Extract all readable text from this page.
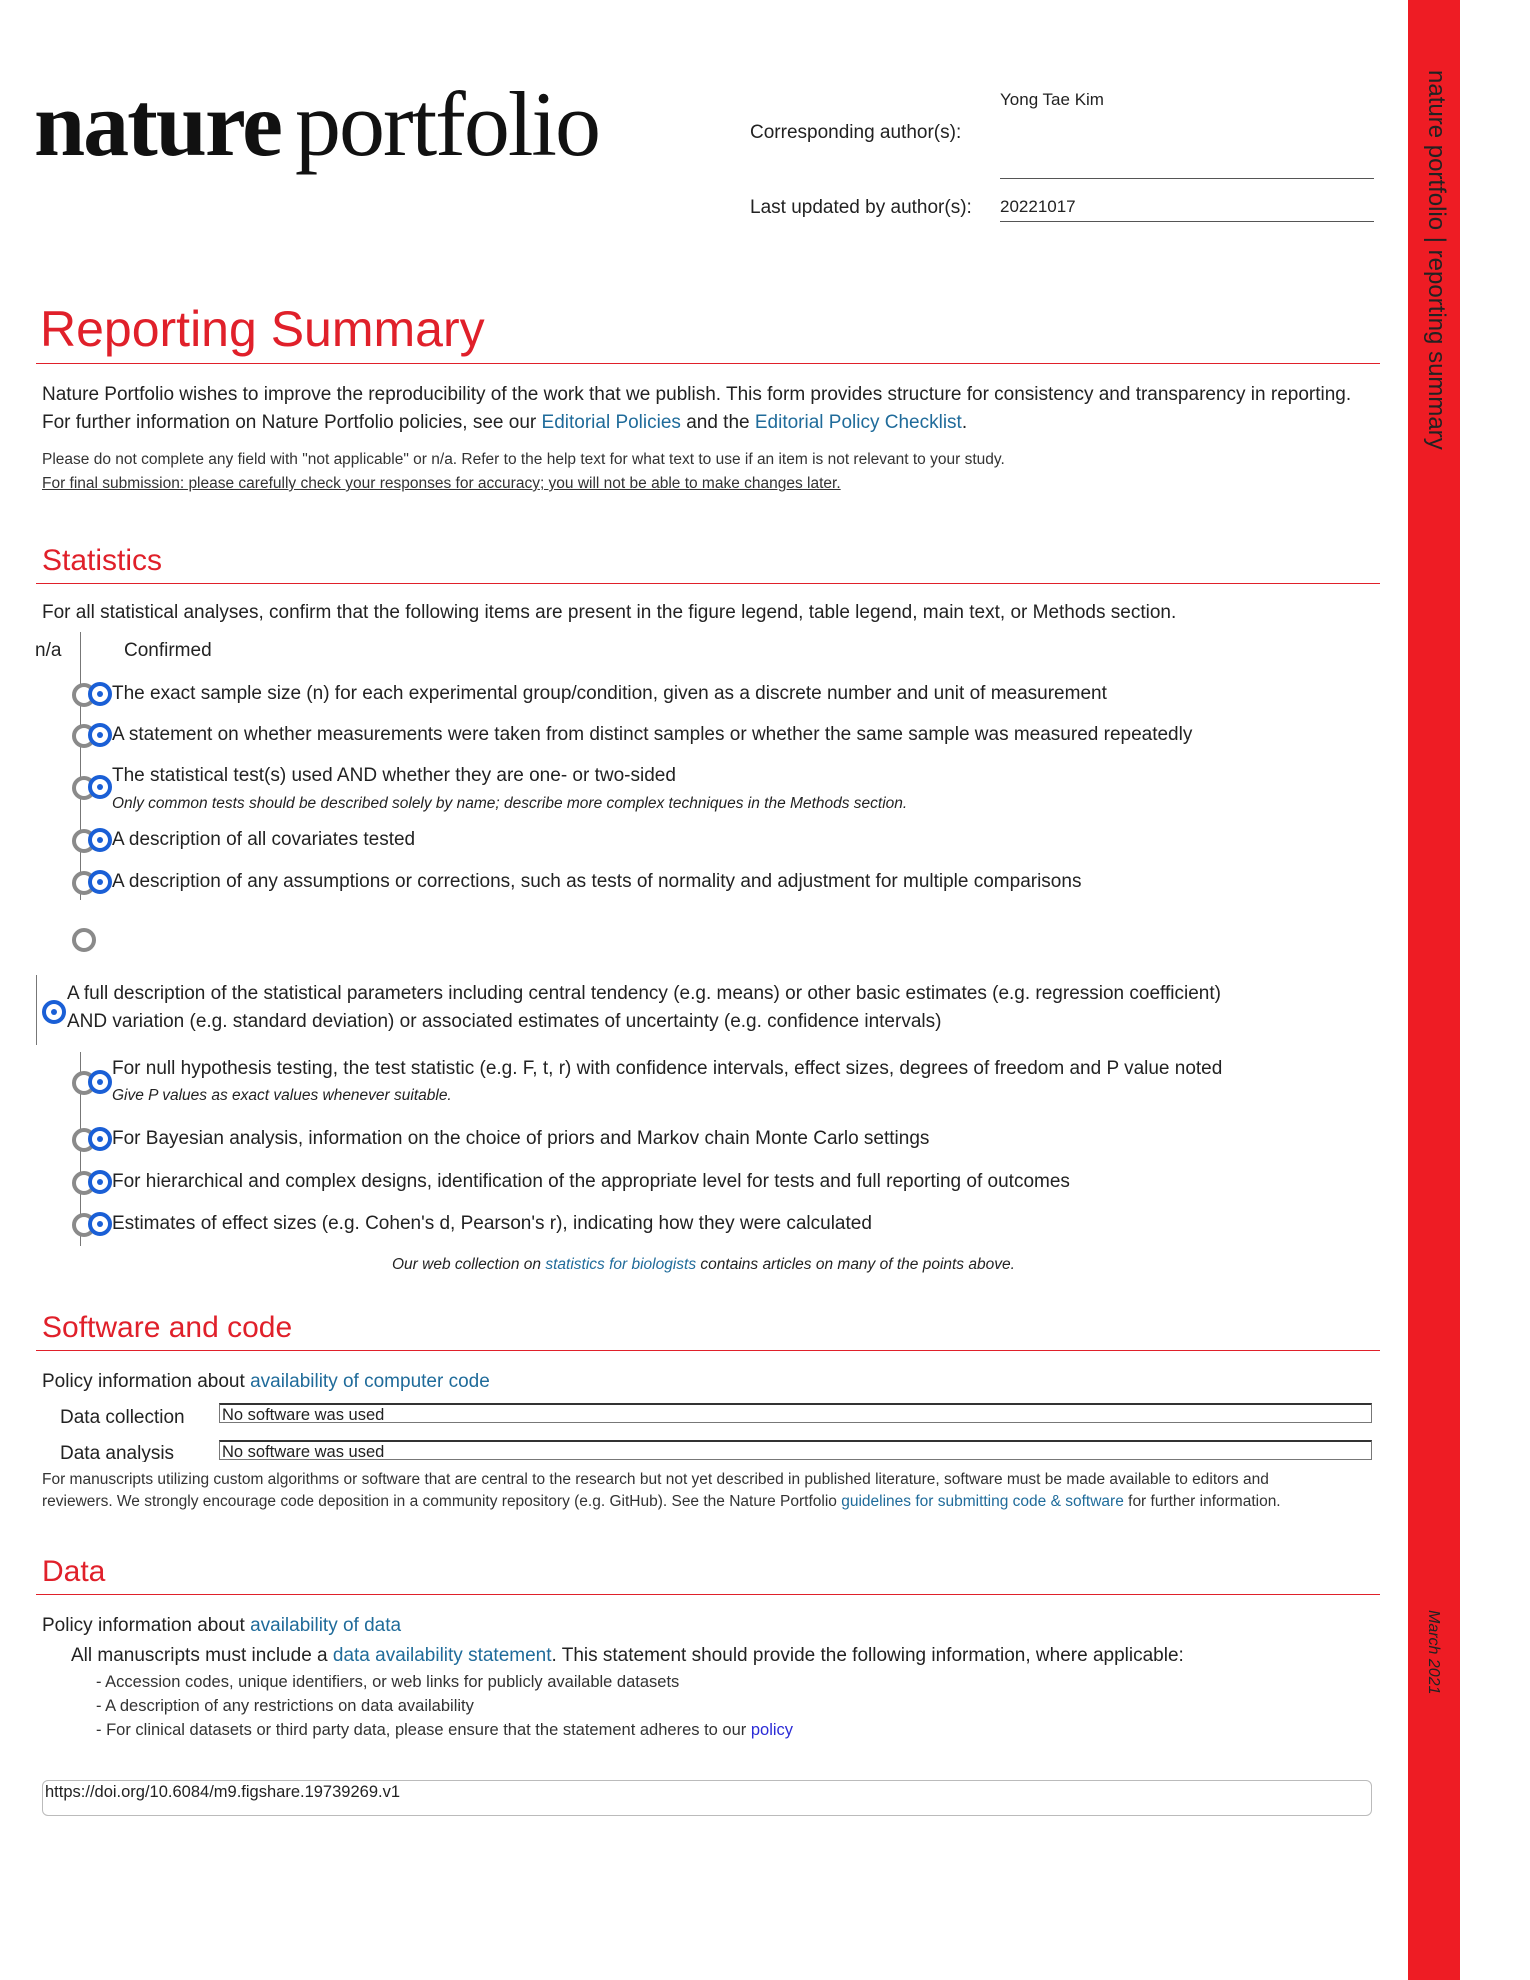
nature portfolio | reporting summary
March 2021
nature portfolio	Corresponding author(s):
Yong Tae Kim
Last updated by author(s): 20221017
Reporting Summary
Nature Portfolio wishes to improve the reproducibility of the work that we publish. This form provides structure for consistency and transparency in reporting. For further information on Nature Portfolio policies, see our Editorial Policies and the Editorial Policy Checklist.
Please do not complete any field with "not applicable" or n/a. Refer to the help text for what text to use if an item is not relevant to your study.
For final submission: please carefully check your responses for accuracy; you will not be able to make changes later.
Statistics
For all statistical analyses, confirm that the following items are present in the figure legend, table legend, main text, or Methods section.
n/a	Confirmed
The exact sample size (n) for each experimental group/condition, given as a discrete number and unit of measurement
A statement on whether measurements were taken from distinct samples or whether the same sample was measured repeatedly
The statistical test(s) used AND whether they are one- or two-sided
Only common tests should be described solely by name; describe more complex techniques in the Methods section.
A description of all covariates tested
A description of any assumptions or corrections, such as tests of normality and adjustment for multiple comparisons
A full description of the statistical parameters including central tendency (e.g. means) or other basic estimates (e.g. regression coefficient)
AND variation (e.g. standard deviation) or associated estimates of uncertainty (e.g. confidence intervals)
For null hypothesis testing, the test statistic (e.g. F, t, r) with confidence intervals, effect sizes, degrees of freedom and P value noted
Give P values as exact values whenever suitable.
For Bayesian analysis, information on the choice of priors and Markov chain Monte Carlo settings
For hierarchical and complex designs, identification of the appropriate level for tests and full reporting of outcomes
Estimates of effect sizes (e.g. Cohen's d, Pearson's r), indicating how they were calculated
Our web collection on statistics for biologists contains articles on many of the points above.
Software and code
Policy information about availability of computer code
Data collection No software was used
Data analysis	No software was used
For manuscripts utilizing custom algorithms or software that are central to the research but not yet described in published literature, software must be made available to editors and
reviewers. We strongly encourage code deposition in a community repository (e.g. GitHub). See the Nature Portfolio guidelines for submitting code & software for further information.
Data
Policy information about availability of data
All manuscripts must include a data availability statement. This statement should provide the following information, where applicable:
- Accession codes, unique identifiers, or web links for publicly available datasets
- A description of any restrictions on data availability
- For clinical datasets or third party data, please ensure that the statement adheres to our policy
https://doi.org/10.6084/m9.figshare.19739269.v1
